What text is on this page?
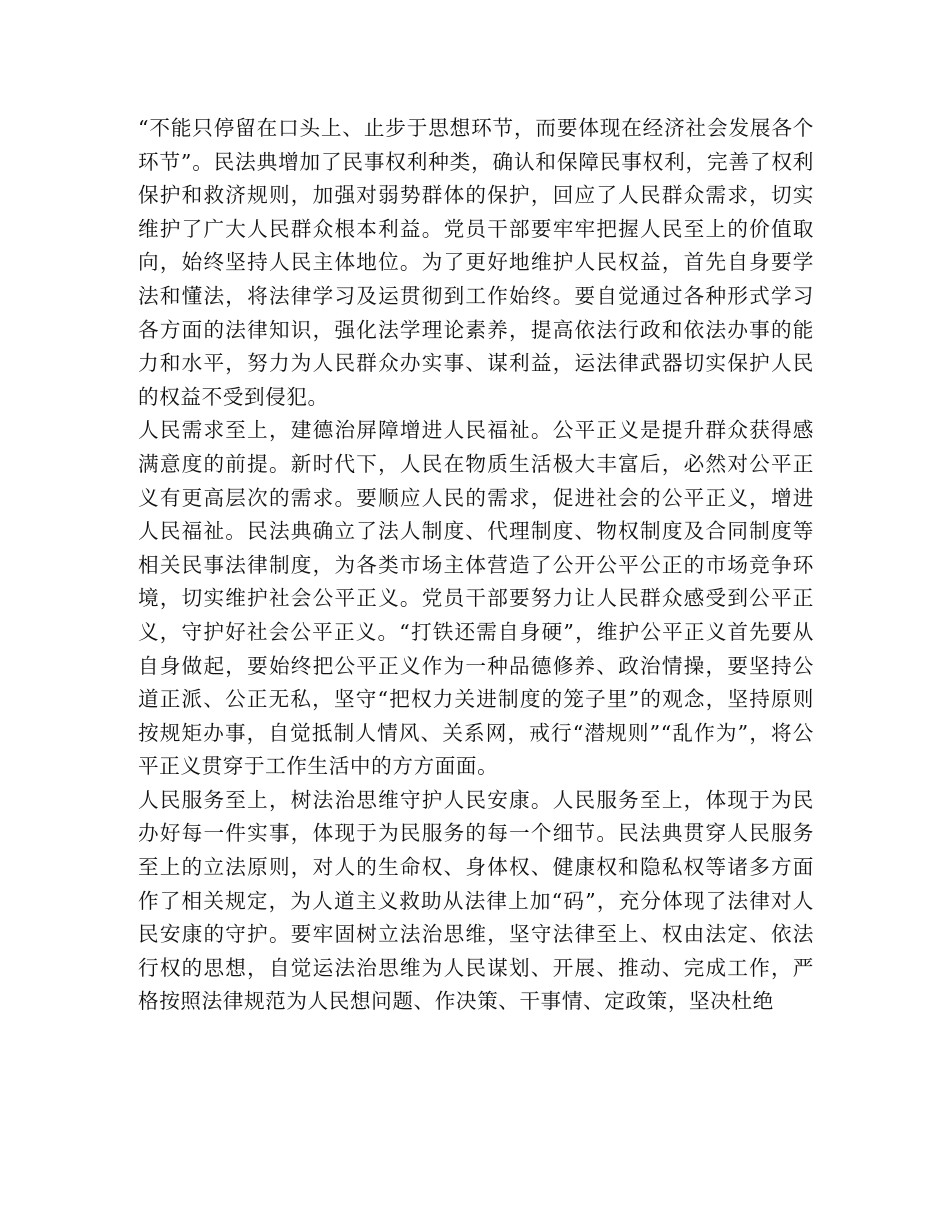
“不能只停留在口头上、止步于思想环节，而要体现在经济社会发展各个环节”。民法典增加了民事权利种类，确认和保障民事权利，完善了权利保护和救济规则，加强对弱势群体的保护，回应了人民群众需求，切实维护了广大人民群众根本利益。党员干部要牢牢把握人民至上的价值取向，始终坚持人民主体地位。为了更好地维护人民权益，首先自身要学法和懂法，将法律学习及运贯彻到工作始终。要自觉通过各种形式学习各方面的法律知识，强化法学理论素养，提高依法行政和依法办事的能力和水平，努力为人民群众办实事、谋利益，运法律武器切实保护人民的权益不受到侵犯。

人民需求至上，建德治屏障增进人民福祉。公平正义是提升群众获得感满意度的前提。新时代下，人民在物质生活极大丰富后，必然对公平正义有更高层次的需求。要顺应人民的需求，促进社会的公平正义，增进人民福祉。民法典确立了法人制度、代理制度、物权制度及合同制度等相关民事法律制度，为各类市场主体营造了公开公平公正的市场竞争环境，切实维护社会公平正义。党员干部要努力让人民群众感受到公平正义，守护好社会公平正义。“打铁还需自身硬”，维护公平正义首先要从自身做起，要始终把公平正义作为一种品德修养、政治情操，要坚持公道正派、公正无私，坚守“把权力关进制度的笼子里”的观念，坚持原则按规矩办事，自觉抵制人情风、关系网，戒行“潜规则”“乱作为”，将公平正义贯穿于工作生活中的方方面面。

人民服务至上，树法治思维守护人民安康。人民服务至上，体现于为民办好每一件实事，体现于为民服务的每一个细节。民法典贯穿人民服务至上的立法原则，对人的生命权、身体权、健康权和隐私权等诸多方面作了相关规定，为人道主义救助从法律上加“码”，充分体现了法律对人民安康的守护。要牢固树立法治思维，坚守法律至上、权由法定、依法行权的思想，自觉运法治思维为人民谋划、开展、推动、完成工作，严格按照法律规范为人民想问题、作决策、干事情、定政策，坚决杜绝
